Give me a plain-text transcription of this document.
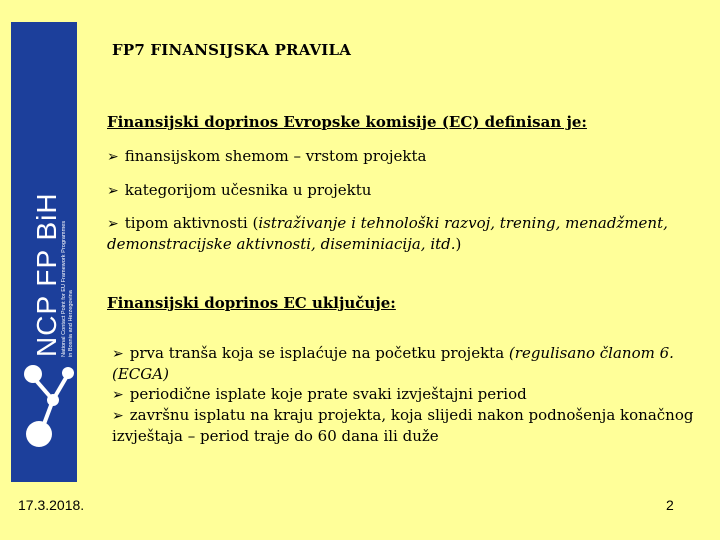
NCP FP BiH National Contact Point for EU Framework Programmes in Bosnia and Herzegovina
FP7 FINANSIJSKA PRAVILA
Finansijski doprinos Evropske komisije (EC) definisan je:
➢ finansijskom shemom – vrstom projekta
➢ kategorijom učesnika u projektu
➢ tipom aktivnosti (istraživanje i tehnološki razvoj, trening, menadžment,
demonstracijske aktivnosti, diseminiacija, itd.)
Finansijski doprinos EC uključuje:
➢ prva tranša koja se isplaćuje na početku projekta (regulisano članom 6.
(ECGA)
➢ periodične isplate koje prate svaki izvještajni period
➢ završnu isplatu na kraju projekta, koja slijedi nakon podnošenja konačnog
izvještaja – period traje do 60 dana ili duže
17.3.2018.	2
